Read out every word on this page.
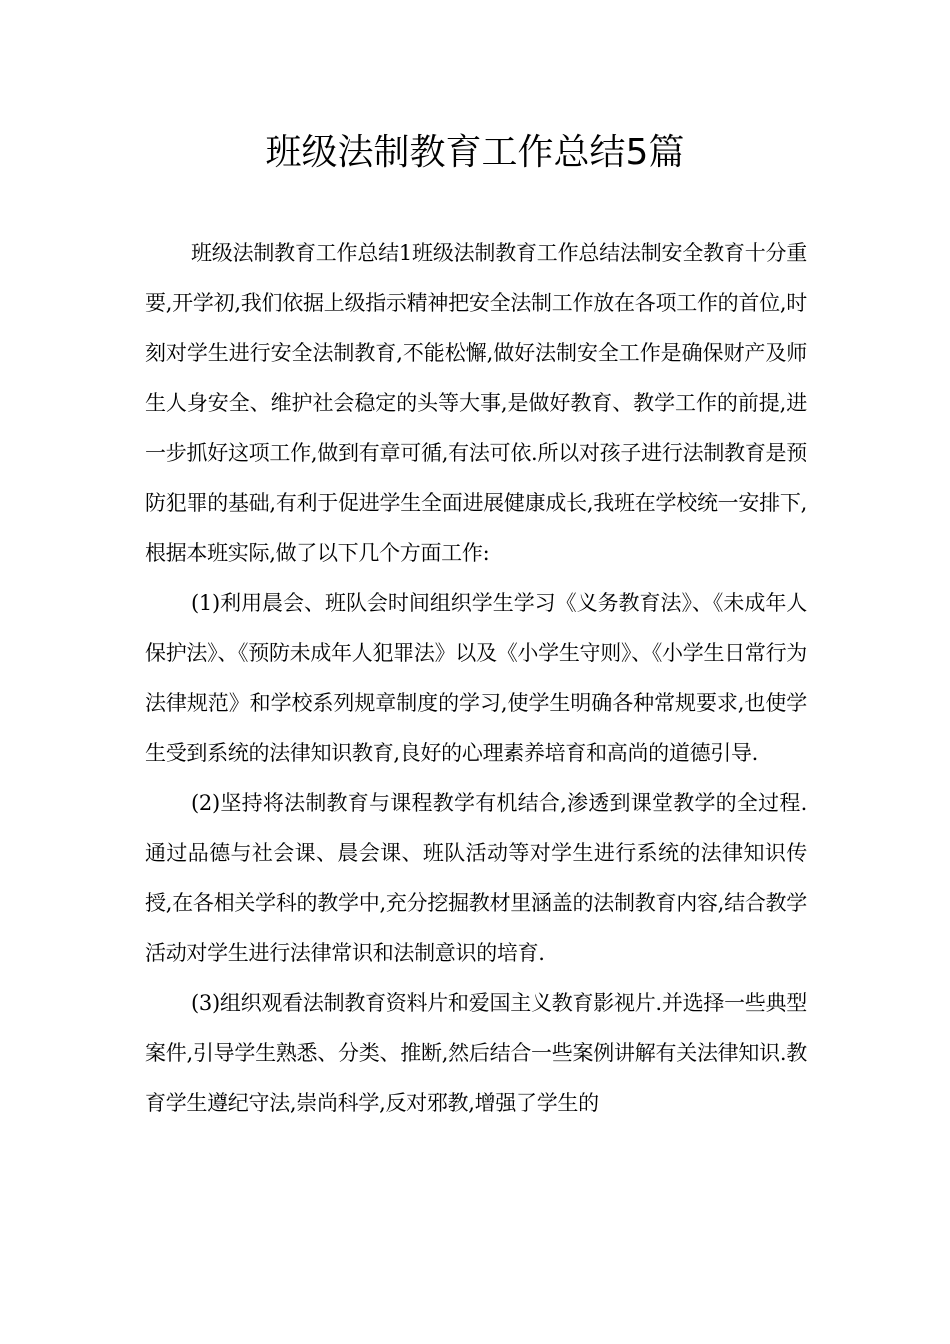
班级法制教育工作总结5篇

班级法制教育工作总结1班级法制教育工作总结法制安全教育十分重要,开学初,我们依据上级指示精神把安全法制工作放在各项工作的首位,时刻对学生进行安全法制教育,不能松懈,做好法制安全工作是确保财产及师生人身安全、维护社会稳定的头等大事,是做好教育、教学工作的前提,进一步抓好这项工作,做到有章可循,有法可依.所以对孩子进行法制教育是预防犯罪的基础,有利于促进学生全面进展健康成长,我班在学校统一安排下,根据本班实际,做了以下几个方面工作:

(1)利用晨会、班队会时间组织学生学习《义务教育法》、《未成年人保护法》、《预防未成年人犯罪法》以及《小学生守则》、《小学生日常行为法律规范》和学校系列规章制度的学习,使学生明确各种常规要求,也使学生受到系统的法律知识教育,良好的心理素养培育和高尚的道德引导.

(2)坚持将法制教育与课程教学有机结合,渗透到课堂教学的全过程.通过品德与社会课、晨会课、班队活动等对学生进行系统的法律知识传授,在各相关学科的教学中,充分挖掘教材里涵盖的法制教育内容,结合教学活动对学生进行法律常识和法制意识的培育.

(3)组织观看法制教育资料片和爱国主义教育影视片.并选择一些典型案件,引导学生熟悉、分类、推断,然后结合一些案例讲解有关法律知识.教育学生遵纪守法,崇尚科学,反对邪教,增强了学生的
